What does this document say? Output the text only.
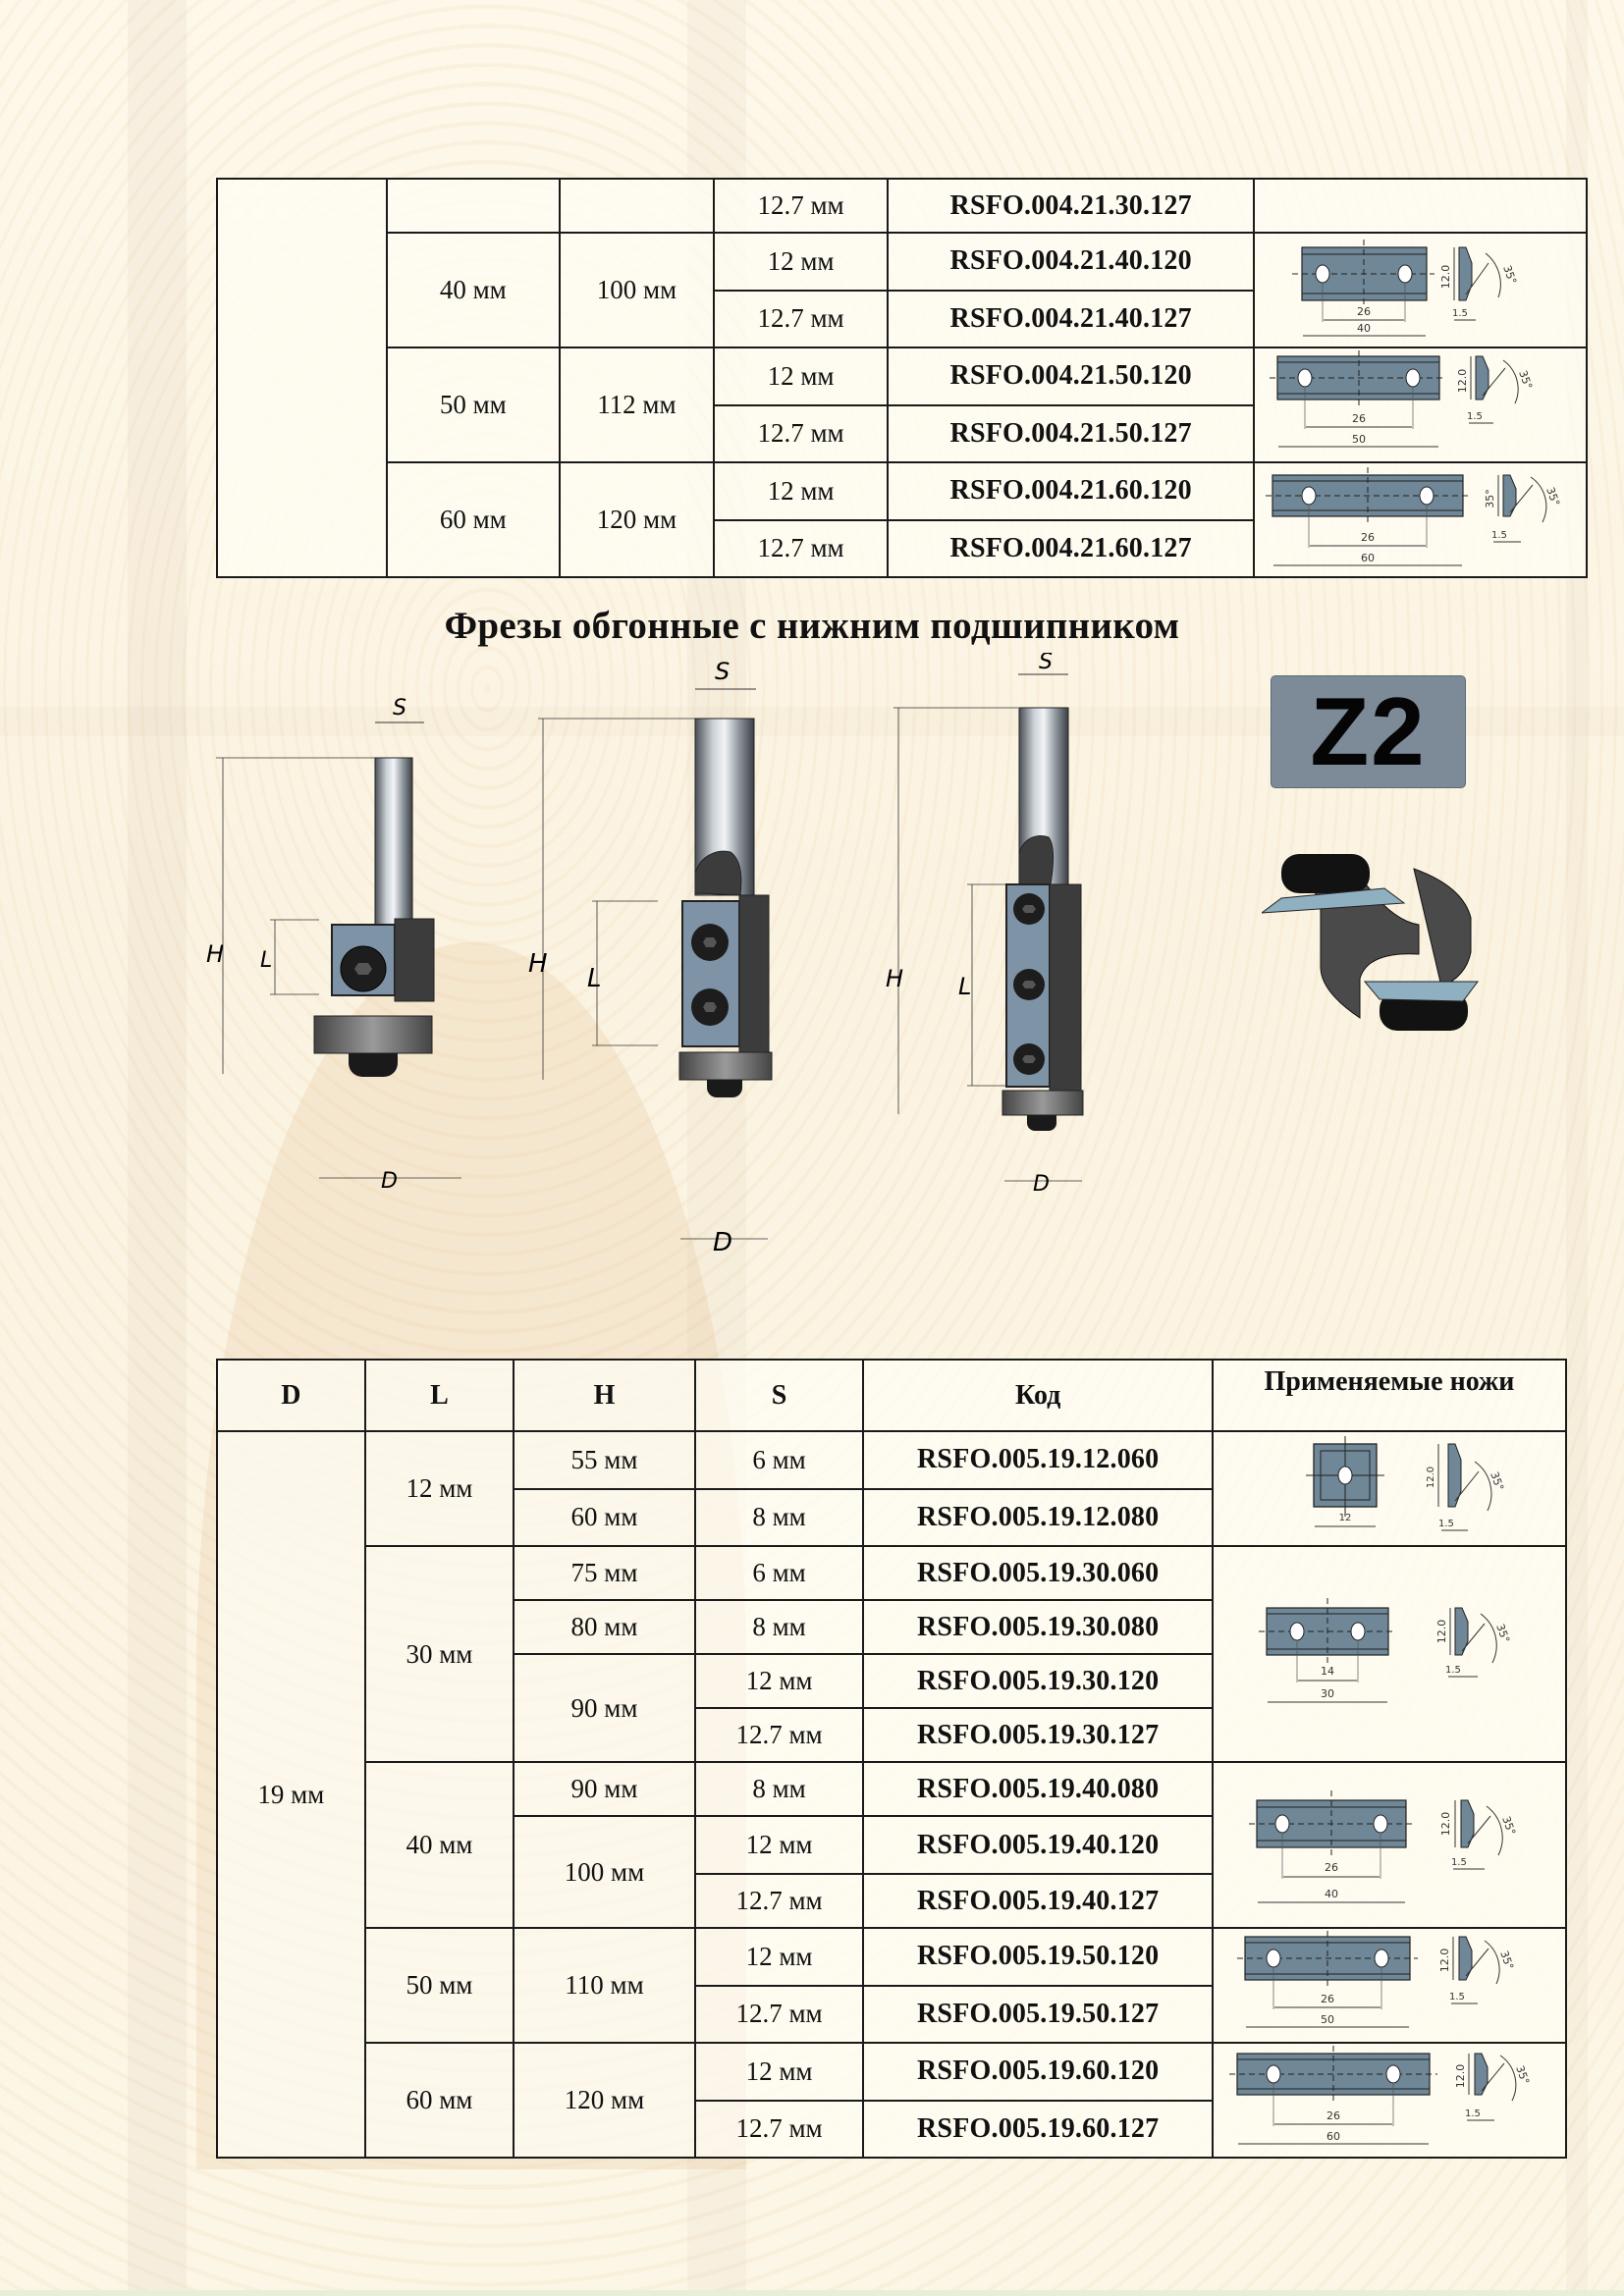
			12.7 мм	RSFO.004.21.30.127	
	40 мм	100 мм	12 мм	RSFO.004.21.40.120	26
40
12.0 35°
1.5

			12.7 мм	RSFO.004.21.40.127	
	50 мм	112 мм	12 мм	RSFO.004.21.50.120	26
50
12.0 35°
1.5

			12.7 мм	RSFO.004.21.50.127	
	60 мм	120 мм	12 мм	RSFO.004.21.60.120	26
60
35° 35°
1.5

			12.7 мм	RSFO.004.21.60.127	
Фрезы обгонные с нижним подшипником
S
H L
D
S
H L
D
S
H L
D
Z2
D	L	H	S	Код	Применяемые ножи
19 мм	12 мм	55 мм	6 мм	RSFO.005.19.12.060	12
12.0 35°
1.5

		60 мм	8 мм	RSFO.005.19.12.080	
	30 мм	75 мм	6 мм	RSFO.005.19.30.060	14
30
12.0 35°
1.5

		80 мм	8 мм	RSFO.005.19.30.080	
		90 мм	12 мм	RSFO.005.19.30.120	
			12.7 мм	RSFO.005.19.30.127	
	40 мм	90 мм	8 мм	RSFO.005.19.40.080	26
40
12.0 35°
1.5

		100 мм	12 мм	RSFO.005.19.40.120	
			12.7 мм	RSFO.005.19.40.127	
	50 мм	110 мм	12 мм	RSFO.005.19.50.120	26
50
12.0 35°
1.5

			12.7 мм	RSFO.005.19.50.127	
	60 мм	120 мм	12 мм	RSFO.005.19.60.120	26
60
12.0 35°
1.5

			12.7 мм	RSFO.005.19.60.127	
